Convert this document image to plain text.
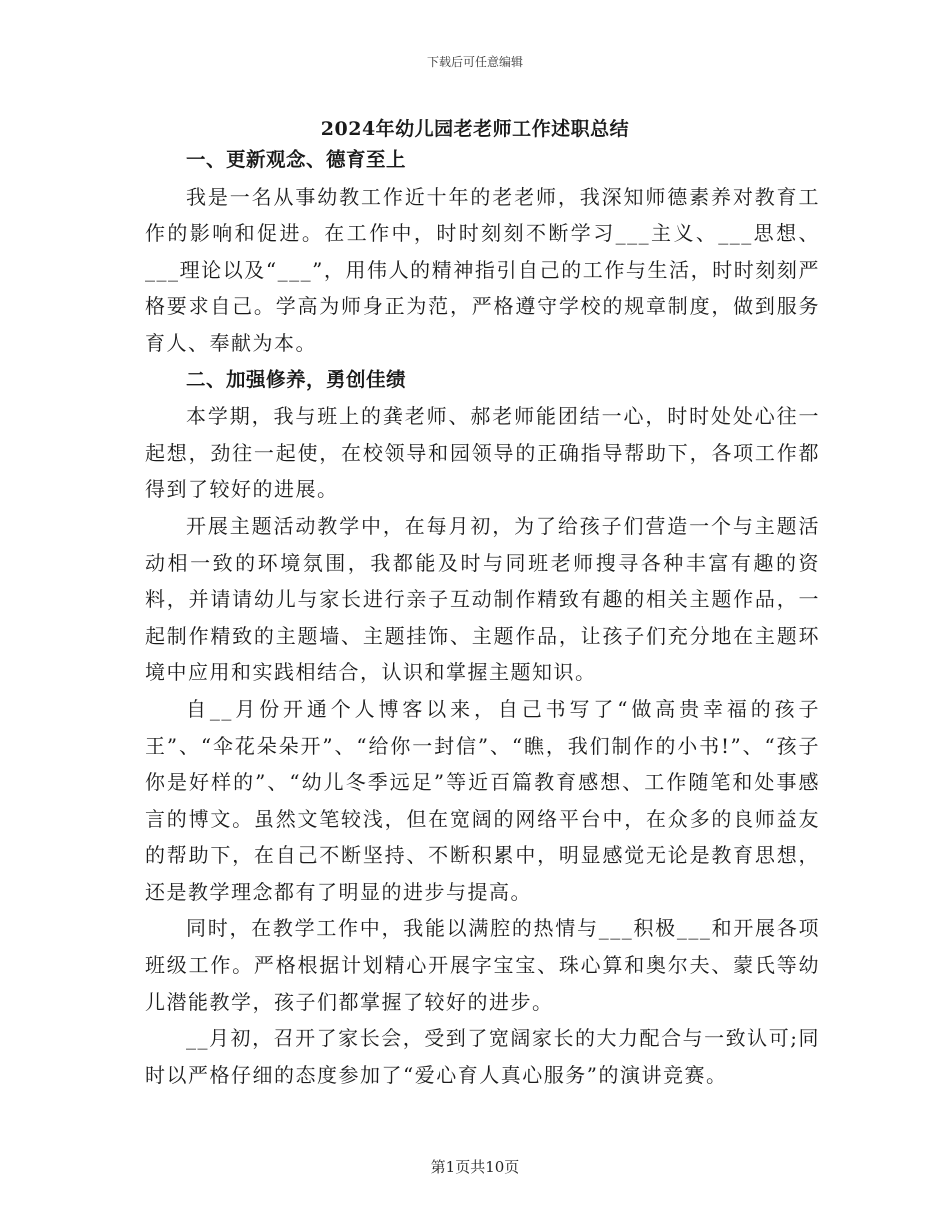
下载后可任意编辑
2024年幼儿园老老师工作述职总结

一、更新观念、德育至上

我是一名从事幼教工作近十年的老老师，我深知师德素养对教育工作的影响和促进。在工作中，时时刻刻不断学习___主义、___思想、___理论以及“___”，用伟人的精神指引自己的工作与生活，时时刻刻严格要求自己。学高为师身正为范，严格遵守学校的规章制度，做到服务育人、奉献为本。

二、加强修养，勇创佳绩

本学期，我与班上的龚老师、郝老师能团结一心，时时处处心往一起想，劲往一起使，在校领导和园领导的正确指导帮助下，各项工作都得到了较好的进展。

开展主题活动教学中，在每月初，为了给孩子们营造一个与主题活动相一致的环境氛围，我都能及时与同班老师搜寻各种丰富有趣的资料，并请请幼儿与家长进行亲子互动制作精致有趣的相关主题作品，一起制作精致的主题墙、主题挂饰、主题作品，让孩子们充分地在主题环境中应用和实践相结合，认识和掌握主题知识。

自__月份开通个人博客以来，自己书写了“做高贵幸福的孩子王”、“伞花朵朵开”、“给你一封信”、“瞧，我们制作的小书!”、“孩子你是好样的”、“幼儿冬季远足”等近百篇教育感想、工作随笔和处事感言的博文。虽然文笔较浅，但在宽阔的网络平台中，在众多的良师益友的帮助下，在自己不断坚持、不断积累中，明显感觉无论是教育思想，还是教学理念都有了明显的进步与提高。

同时，在教学工作中，我能以满腔的热情与___积极___和开展各项班级工作。严格根据计划精心开展字宝宝、珠心算和奥尔夫、蒙氏等幼儿潜能教学，孩子们都掌握了较好的进步。

__月初，召开了家长会，受到了宽阔家长的大力配合与一致认可;同时以严格仔细的态度参加了“爱心育人真心服务”的演讲竞赛。

第1页共10页
